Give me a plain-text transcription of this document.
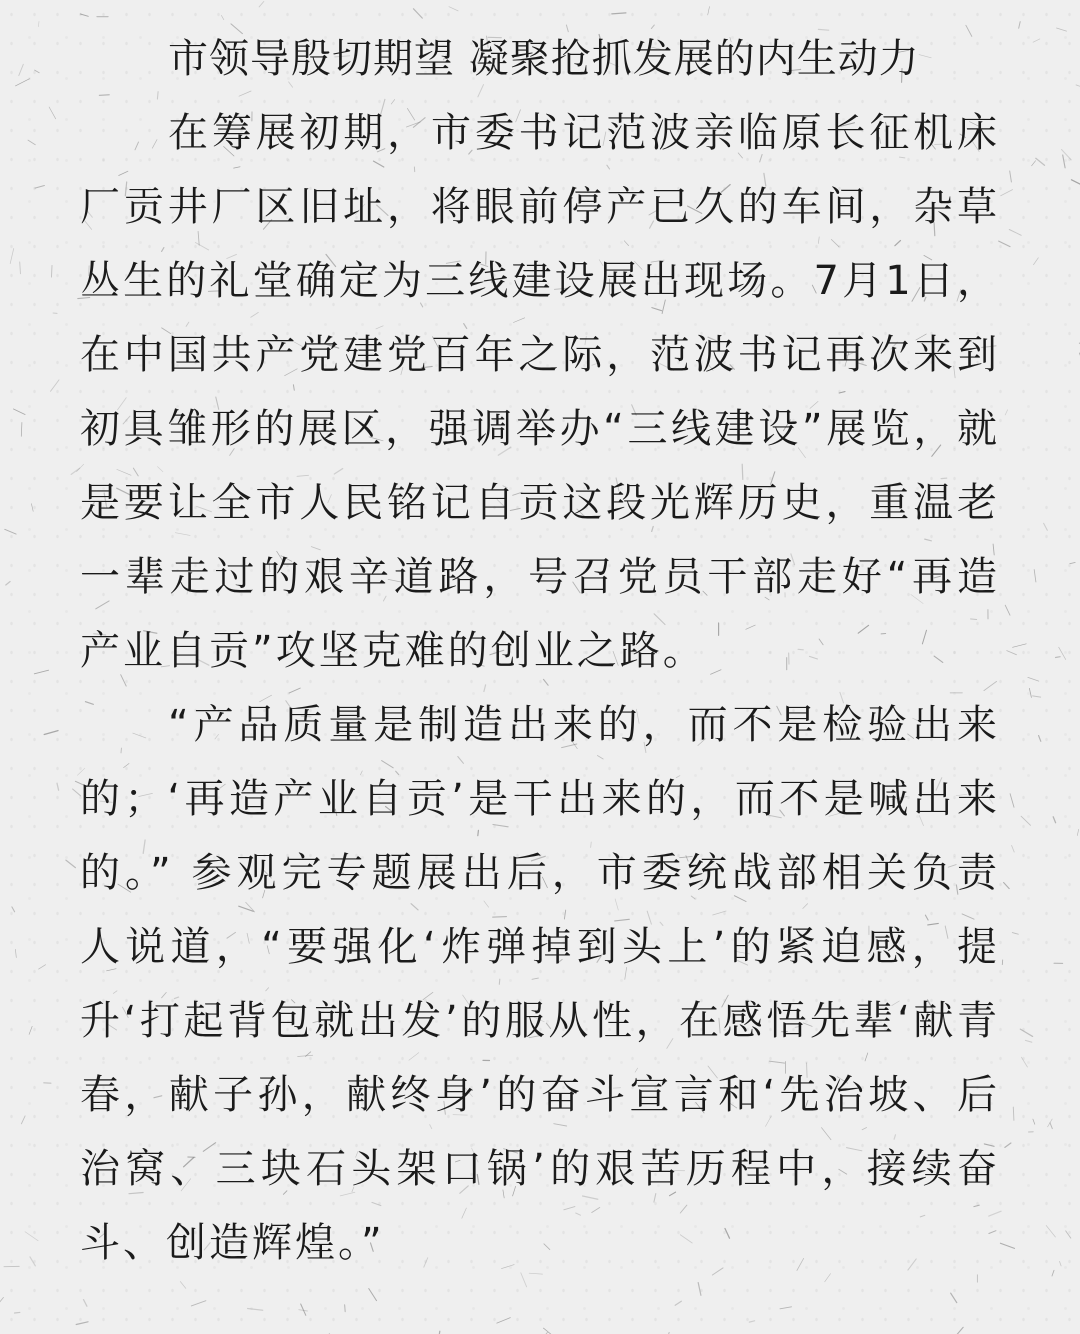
市领导殷切期望 凝聚抢抓发展的内生动力

在筹展初期，市委书记范波亲临原长征机床厂贡井厂区旧址，将眼前停产已久的车间，杂草丛生的礼堂确定为三线建设展出现场。7月1日，在中国共产党建党百年之际，范波书记再次来到初具雏形的展区，强调举办“三线建设”展览，就是要让全市人民铭记自贡这段光辉历史，重温老一辈走过的艰辛道路，号召党员干部走好“再造产业自贡”攻坚克难的创业之路。

“产品质量是制造出来的，而不是检验出来的；‘再造产业自贡’是干出来的，而不是喊出来的。” 参观完专题展出后，市委统战部相关负责人说道，“要强化‘炸弹掉到头上’的紧迫感，提升‘打起背包就出发’的服从性，在感悟先辈‘献青春，献子孙，献终身’的奋斗宣言和‘先治坡、后治窝、三块石头架口锅’的艰苦历程中，接续奋斗、创造辉煌。”
